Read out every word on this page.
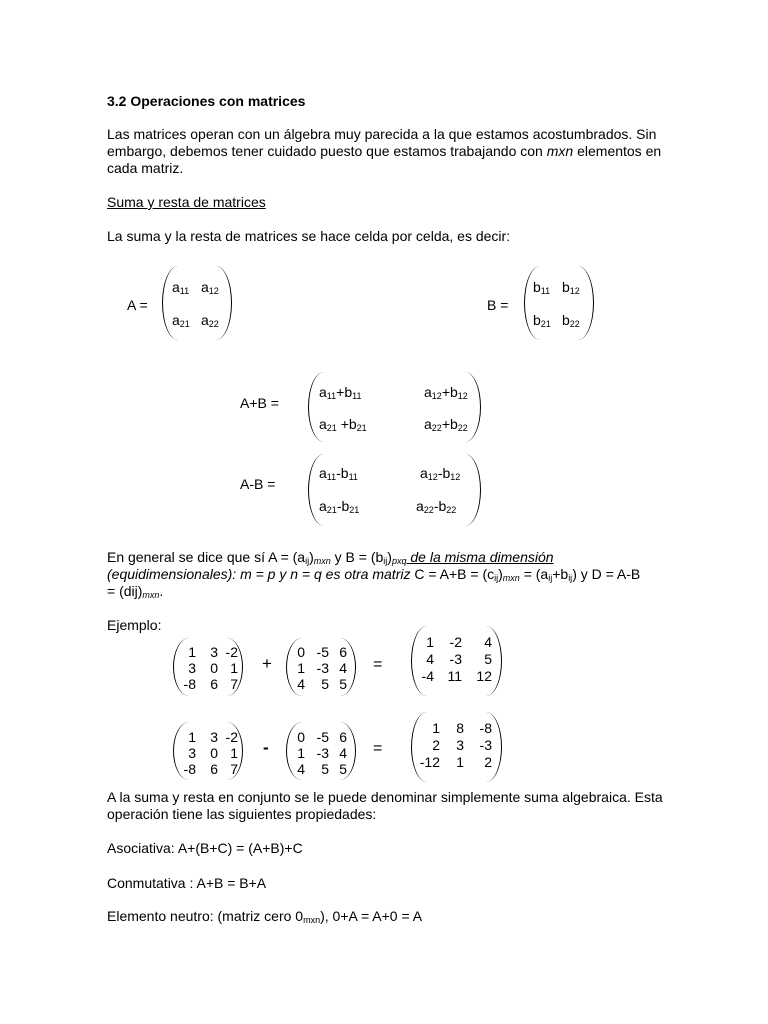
3.2 Operaciones con matrices
Las matrices operan con un álgebra muy parecida a la que estamos acostumbrados. Sin
embargo, debemos tener cuidado puesto que estamos trabajando con mxn elementos en
cada matriz.
Suma y resta de matrices
La suma y la resta de matrices se hace celda por celda, es decir:
A =
$a_{11}$ $a_{12}$
$a_{21}$ $a_{22}$
B =
$b_{11}$ $b_{12}$
$b_{21}$ $b_{22}$
A+B =
$a_{11}+b_{11}$	$a_{12}+b_{12}$
$a_{21} +b_{21}$	$a_{22}+b_{22}$
A-B =
$a_{11}-b_{11}$	$a_{12}-b_{12}$
$a_{21}-b_{21}$	$a_{22}-b_{22}$
En general se dice que sí $A = (a_{ij})_{mxn}$ y $B = (b_{ij})_{pxq}$ de la misma dimensión
(equidimensionales): m = p y n = q es otra matriz $C = A+B = (c_{ij})_{mxn} = (a_{ij}+b_{ij})$ y D = A-B
= $(dij)_{mxn}$.
Ejemplo:
+	=
1	3 -2
3	0 1
-8	6 7
0 -5 6
1 -3 4
4	5 5
1	-2	4
4	-3	5
-4 11	12
-	=
1	3 -2
3	0 1
-8	6 7
0 -5 6
1 -3 4
4	5 5
1	8	-8
2	3	-3
-12	1	2
A la suma y resta en conjunto se le puede denominar simplemente suma algebraica. Esta
operación tiene las siguientes propiedades:
Asociativa: A+(B+C) = (A+B)+C
Conmutativa : A+B = B+A
Elemento neutro: (matriz cero $0_{mxn}$), 0+A = A+0 = A
